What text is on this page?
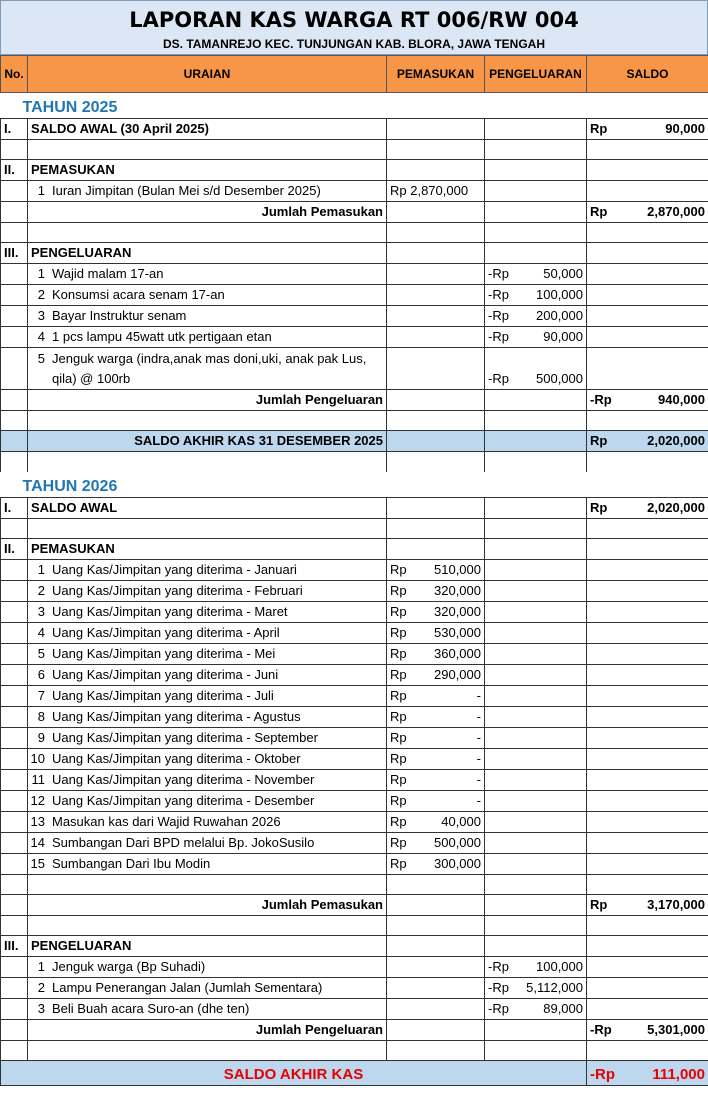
LAPORAN KAS WARGA RT 006/RW 004
DS. TAMANREJO KEC. TUNJUNGAN KAB. BLORA, JAWA TENGAH
No.	URAIAN	PEMASUKAN	PENGELUARAN	SALDO
TAHUN 2025				
I.	SALDO AWAL (30 April 2025)			Rp 90,000

II.	PEMASUKAN			
	1 Iuran Jimpitan (Bulan Mei s/d Desember 2025)	Rp 2,870,000		
	Jumlah Pemasukan			Rp 2,870,000

III.	PENGELUARAN			
	1 Wajid malam 17-an		-Rp 50,000	

	2 Konsumsi acara senam 17-an		-Rp 100,000	

	3 Bayar Instruktur senam		-Rp 200,000	

	4 1 pcs lampu 45watt utk pertigaan etan		-Rp 90,000	

	5 Jenguk warga (indra,anak mas doni,uki, anak pak Lus, qila) @ 100rb		-Rp 500,000	

	Jumlah Pengeluaran			-Rp 940,000

	SALDO AKHIR KAS 31 DESEMBER 2025			Rp 2,020,000

TAHUN 2026				
I.	SALDO AWAL			Rp 2,020,000

II.	PEMASUKAN			
	1 Uang Kas/Jimpitan yang diterima - Januari	Rp 510,000		

	2 Uang Kas/Jimpitan yang diterima - Februari	Rp 320,000		

	3 Uang Kas/Jimpitan yang diterima - Maret	Rp 320,000		

	4 Uang Kas/Jimpitan yang diterima - April	Rp 530,000		

	5 Uang Kas/Jimpitan yang diterima - Mei	Rp 360,000		

	6 Uang Kas/Jimpitan yang diterima - Juni	Rp 290,000		

	7 Uang Kas/Jimpitan yang diterima - Juli	Rp -		

	8 Uang Kas/Jimpitan yang diterima - Agustus	Rp -		

	9 Uang Kas/Jimpitan yang diterima - September	Rp -		

	10 Uang Kas/Jimpitan yang diterima - Oktober	Rp -		

	11 Uang Kas/Jimpitan yang diterima - November	Rp -		

	12 Uang Kas/Jimpitan yang diterima - Desember	Rp -		

	13 Masukan kas dari Wajid Ruwahan 2026	Rp 40,000		

	14 Sumbangan Dari BPD melalui Bp. JokoSusilo	Rp 500,000		

	15 Sumbangan Dari Ibu Modin	Rp 300,000		

	Jumlah Pemasukan			Rp 3,170,000

III.	PENGELUARAN			
	1 Jenguk warga (Bp Suhadi)		-Rp 100,000	

	2 Lampu Penerangan Jalan (Jumlah Sementara)		-Rp 5,112,000	

	3 Beli Buah acara Suro-an (dhe ten)		-Rp 89,000	

	Jumlah Pengeluaran			-Rp 5,301,000

SALDO AKHIR KAS				-Rp 111,000
